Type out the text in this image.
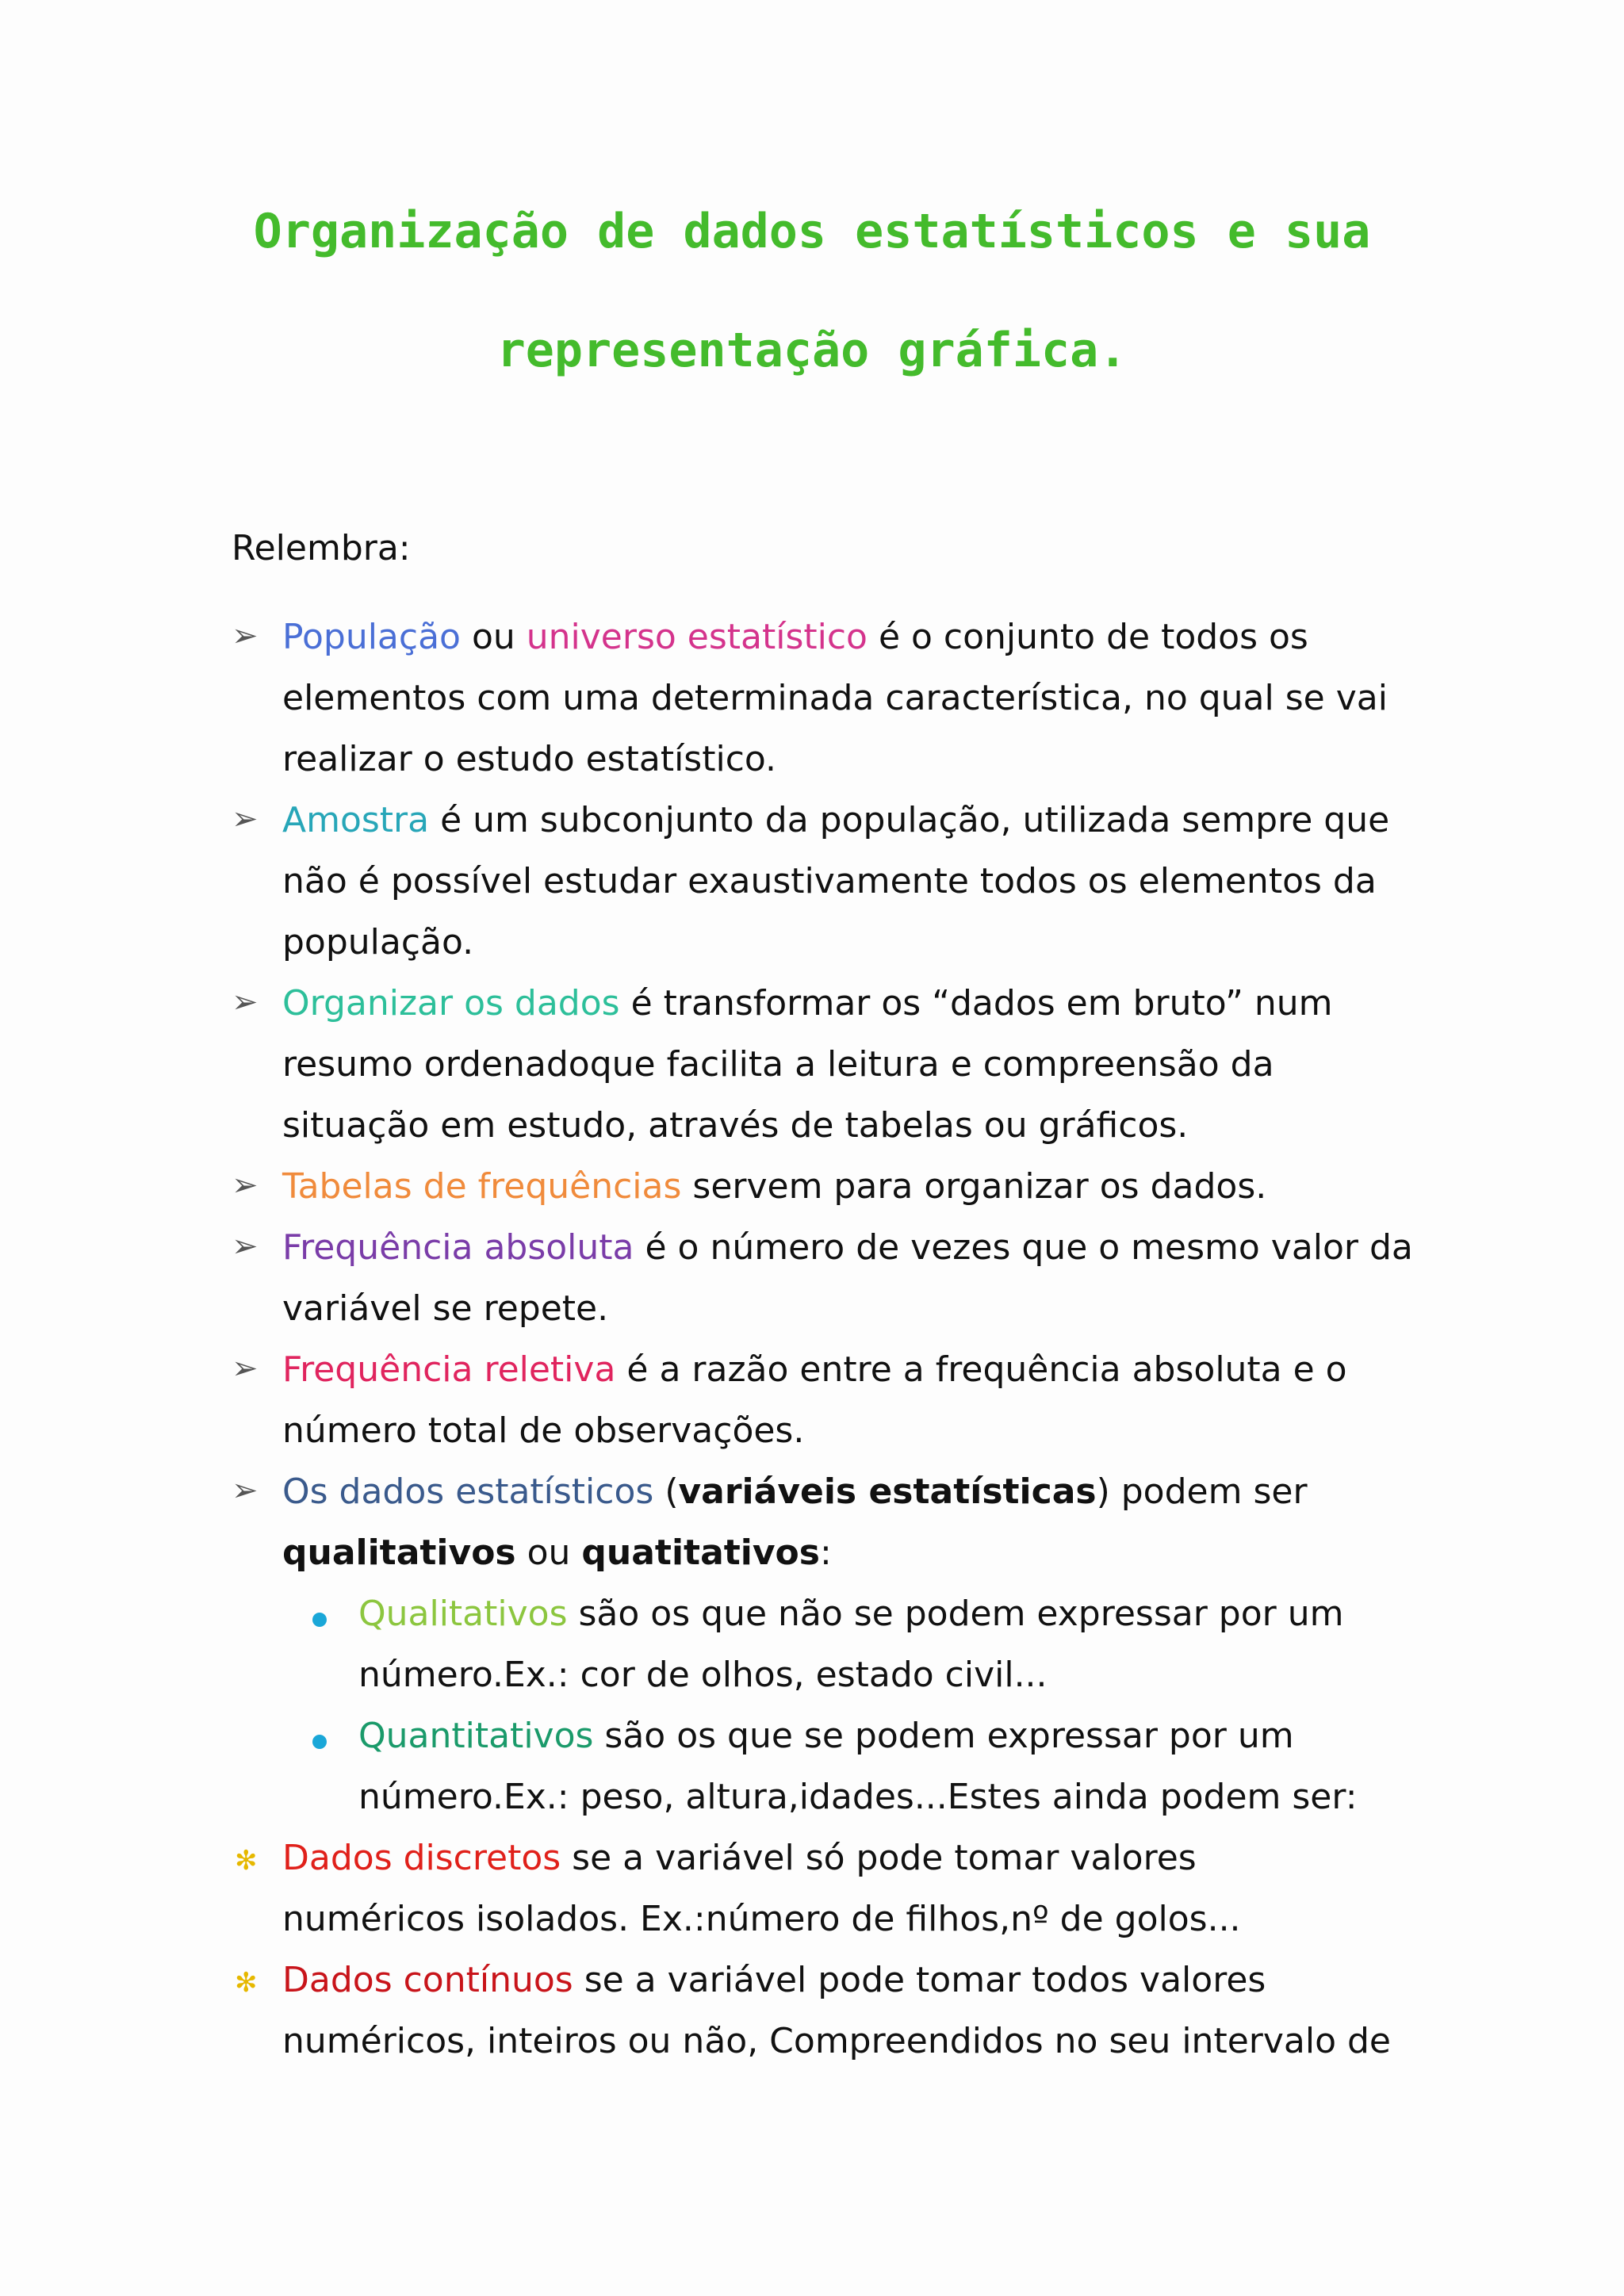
Organização de dados estatísticos e sua
representação gráfica.

Relembra:

➢ População ou universo estatístico é o conjunto de todos os

elementos com uma determinada característica, no qual se vai

realizar o estudo estatístico.

➢ Amostra é um subconjunto da população, utilizada sempre que

não é possível estudar exaustivamente todos os elementos da

população.

➢ Organizar os dados é transformar os “dados em bruto” num

resumo ordenadoque facilita a leitura e compreensão da

situação em estudo, através de tabelas ou gráficos.

➢ Tabelas de frequências servem para organizar os dados.

➢ Frequência absoluta é o número de vezes que o mesmo valor da

variável se repete.

➢ Frequência reletiva é a razão entre a frequência absoluta e o

número total de observações.

➢ Os dados estatísticos (variáveis estatísticas) podem ser

qualitativos ou quatitativos:

Qualitativos são os que não se podem expressar por um

número.Ex.: cor de olhos, estado civil...

Quantitativos são os que se podem expressar por um

número.Ex.: peso, altura,idades...Estes ainda podem ser:

✻ Dados discretos se a variável só pode tomar valores

numéricos isolados. Ex.:número de filhos,nº de golos...

✻ Dados contínuos se a variável pode tomar todos valores

numéricos, inteiros ou não, Compreendidos no seu intervalo de
